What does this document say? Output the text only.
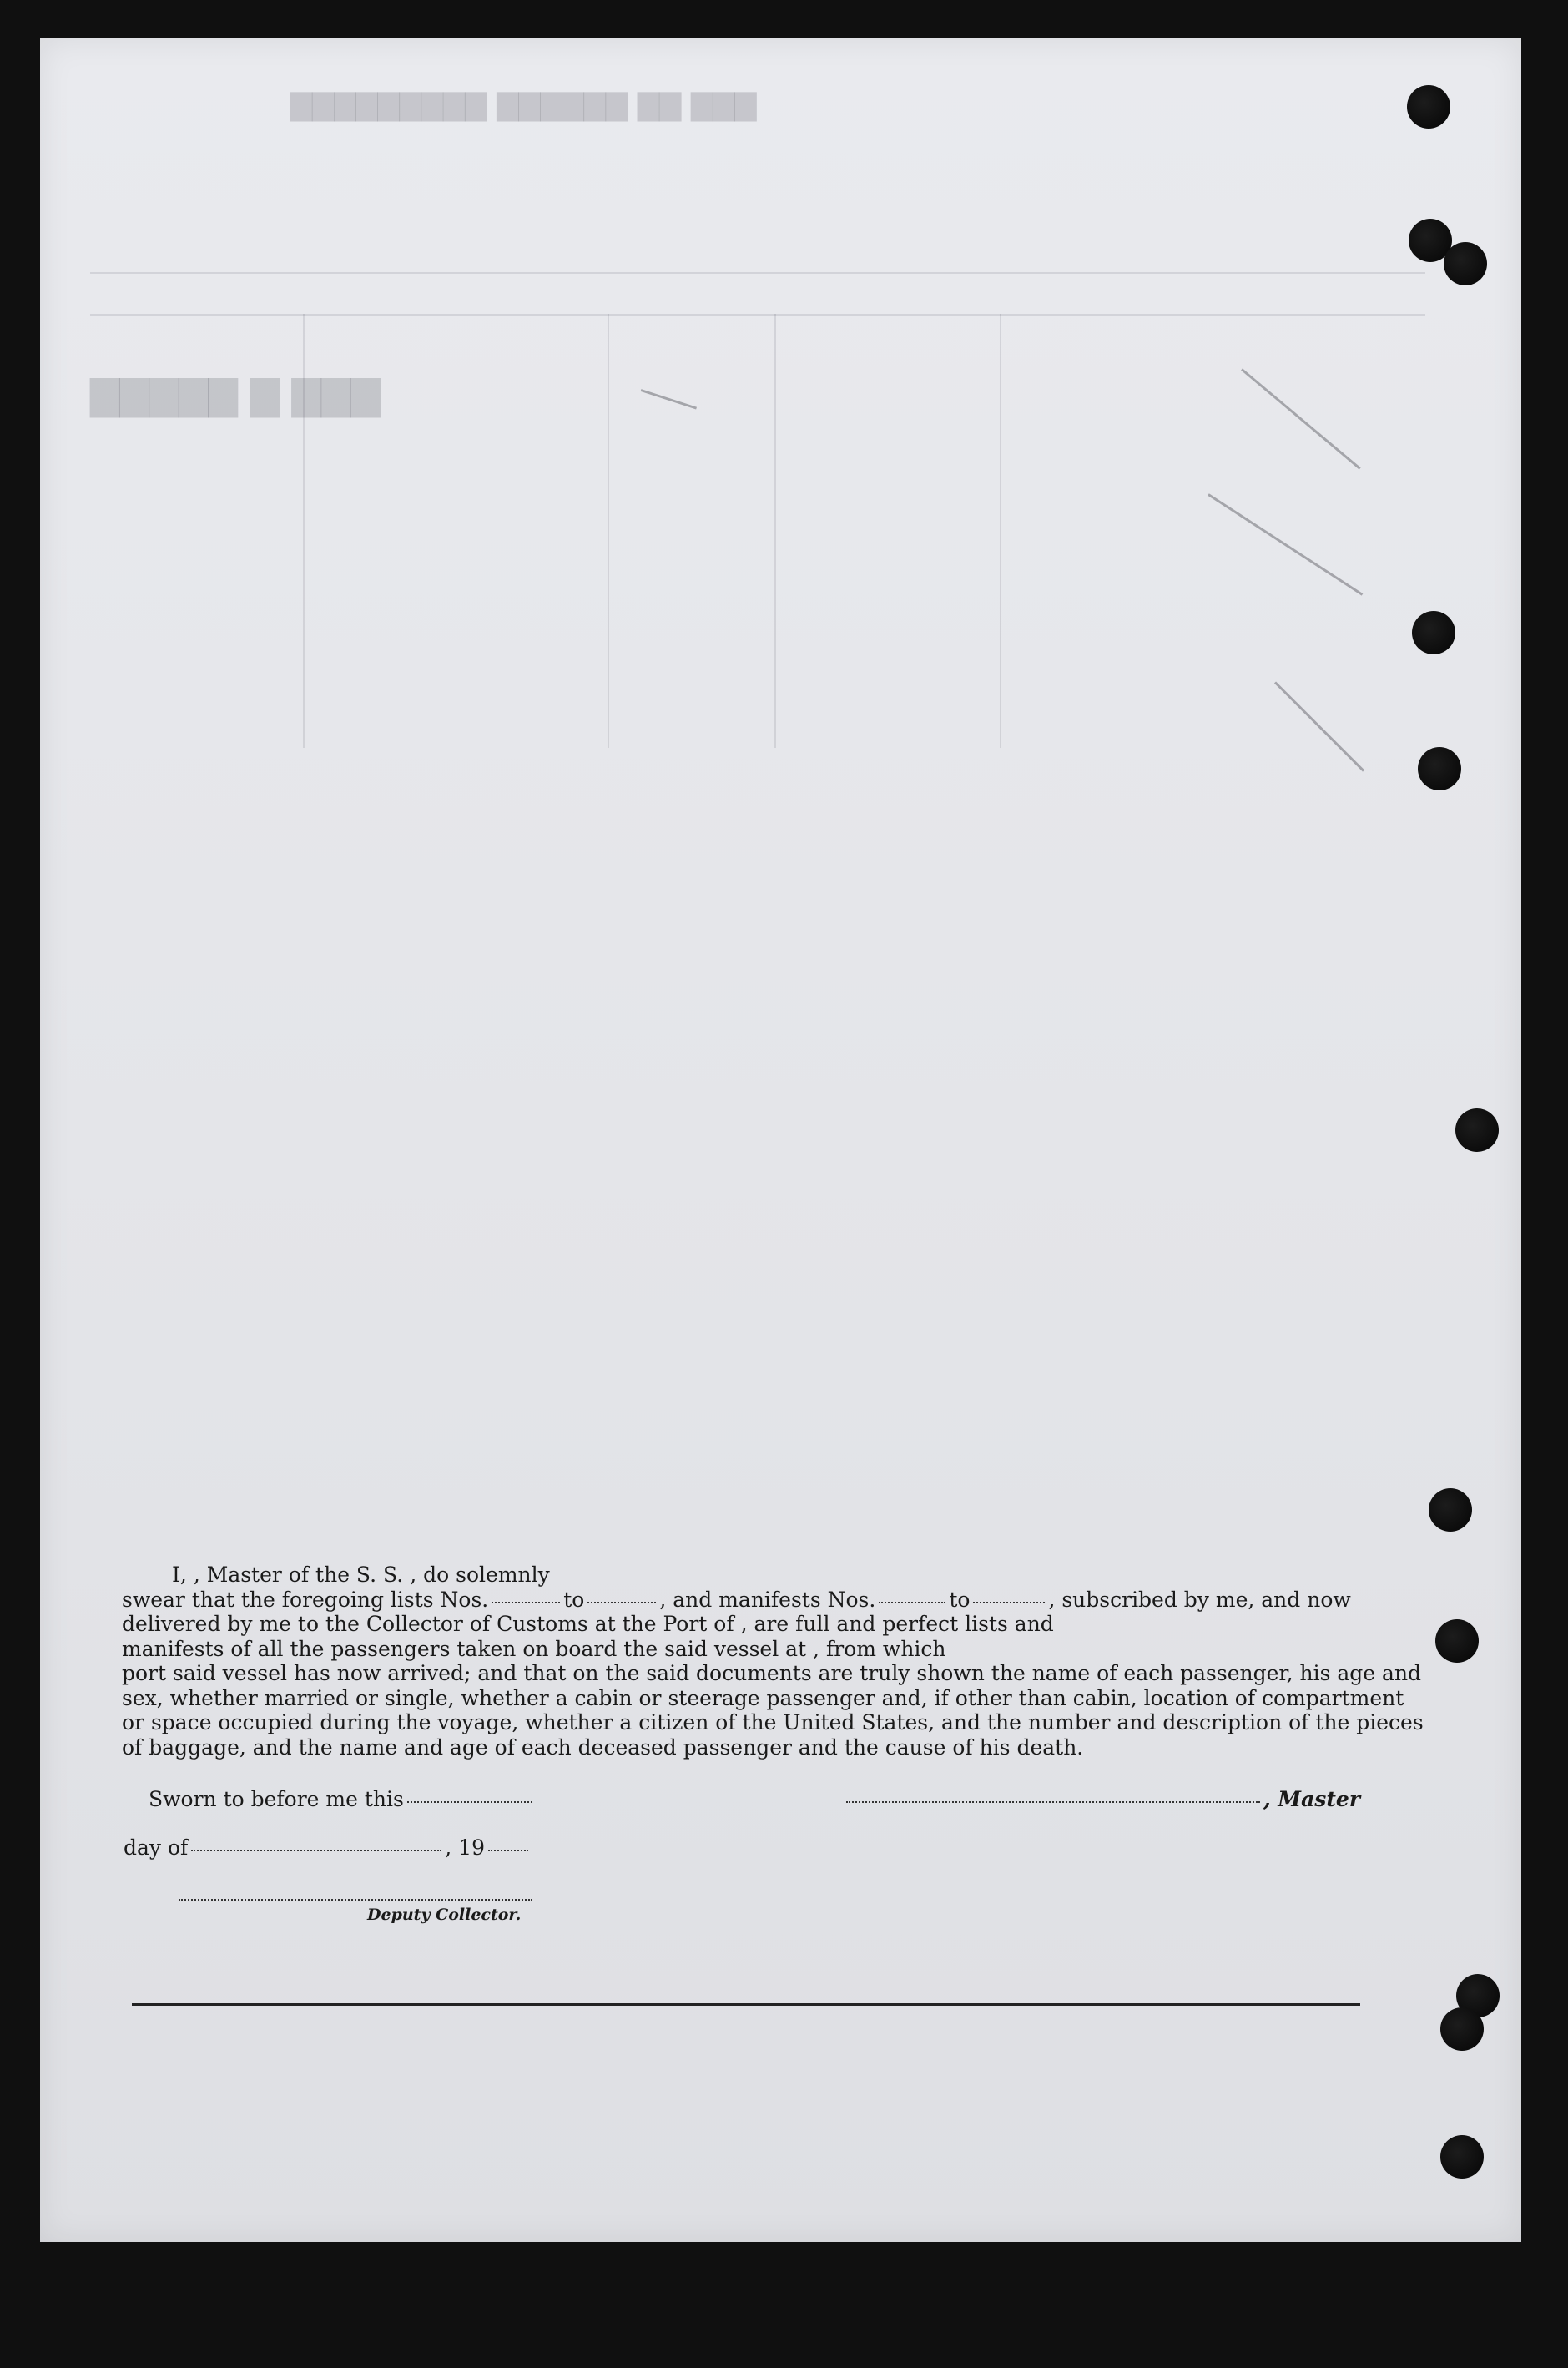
▇▇▇ ▇▇ ▇▇▇▇▇▇ ▇▇▇▇▇▇▇▇▇
▇▇▇ ▇ ▇▇▇▇▇
I, , Master of the S. S. , do solemnly
swear that the foregoing lists Nos.	to	, and manifests Nos.	to	, subscribed by me, and now
delivered by me to the Collector of Customs at the Port of , are full and perfect lists and
manifests of all the passengers taken on board the said vessel at , from which
port said vessel has now arrived; and that on the said documents are truly shown the name of each passenger, his age and
sex, whether married or single, whether a cabin or steerage passenger and, if other than cabin, location of compartment
or space occupied during the voyage, whether a citizen of the United States, and the number and description of the pieces
of baggage, and the name and age of each deceased passenger and the cause of his death.
Sworn to before me this	, Master
day of	, 19
Deputy Collector.
